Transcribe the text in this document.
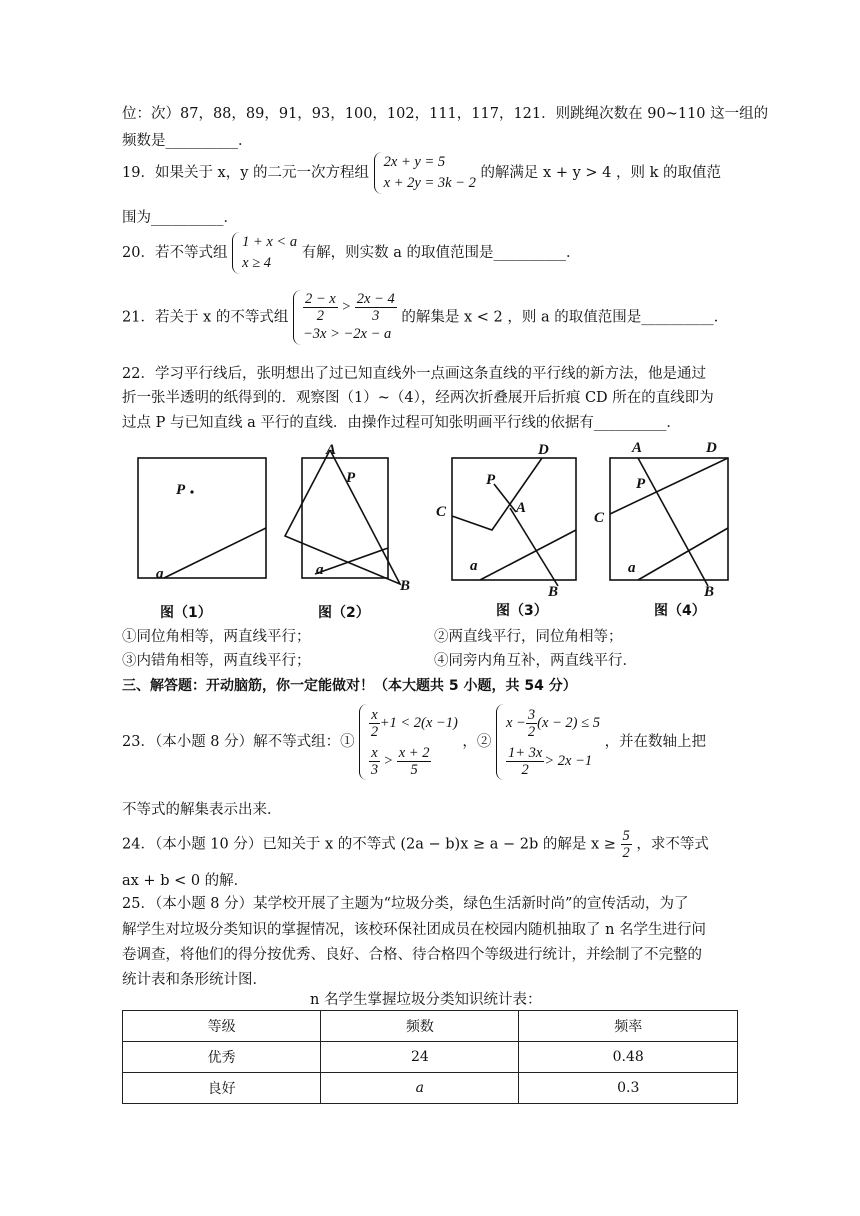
位：次）87，88，89，91，93，100，102，111，117，121．则跳绳次数在 90~110 这一组的
频数是__________．
19．如果关于 x，y 的二元一次方程组
2x + y = 5
x + 2y = 3k − 2
的解满足 x + y > 4 ，则 k 的取值范
围为__________．
20．若不等式组
1 + x < a
x ≥ 4
有解，则实数 a 的取值范围是__________．
21．若关于 x 的不等式组 $\frac{2 - x}{2} > \frac{2x - 4}{3}$
−3x > −2x − a
的解集是 x < 2 ，则 a 的取值范围是__________．
22．学习平行线后，张明想出了过已知直线外一点画这条直线的平行线的新方法，他是通过
折一张半透明的纸得到的．观察图（1）~（4），经两次折叠展开后折痕 CD 所在的直线即为
过点 P 与已知直线 a 平行的直线．由操作过程可知张明画平行线的依据有__________．
P
a
A
P
a
B
C
P
A
D
a
B
C
A
P
D
a
B
图（1）	图（2）	图（3）	图（4）
①同位角相等，两直线平行；	②两直线平行，同位角相等；
③内错角相等，两直线平行；	④同旁内角互补，两直线平行．
三、解答题：开动脑筋，你一定能做对！（本大题共 5 小题，共 54 分）
23．（本小题 8 分）解不等式组：①
$\frac{x}{2} +1 < 2(x -1)$
$\frac{x}{3} > \frac{x + 2}{5}$
，②
$x - \frac{3}{2} (x - 2) \le 5$
$\frac{1+ 3x}{2} > 2x -1$
，并在数轴上把
不等式的解集表示出来．
24．（本小题 10 分）已知关于 x 的不等式 (2a − b)x ≥ a − 2b 的解是 $x \ge \frac{5}{2}$ ，求不等式
ax + b < 0 的解．
25．（本小题 8 分）某学校开展了主题为“垃圾分类，绿色生活新时尚”的宣传活动，为了
解学生对垃圾分类知识的掌握情况，该校环保社团成员在校园内随机抽取了 n 名学生进行问
卷调查，将他们的得分按优秀、良好、合格、待合格四个等级进行统计，并绘制了不完整的
统计表和条形统计图．
n 名学生掌握垃圾分类知识统计表：
等级	频数	频率
优秀	24	0.48
良好	a	0.3
